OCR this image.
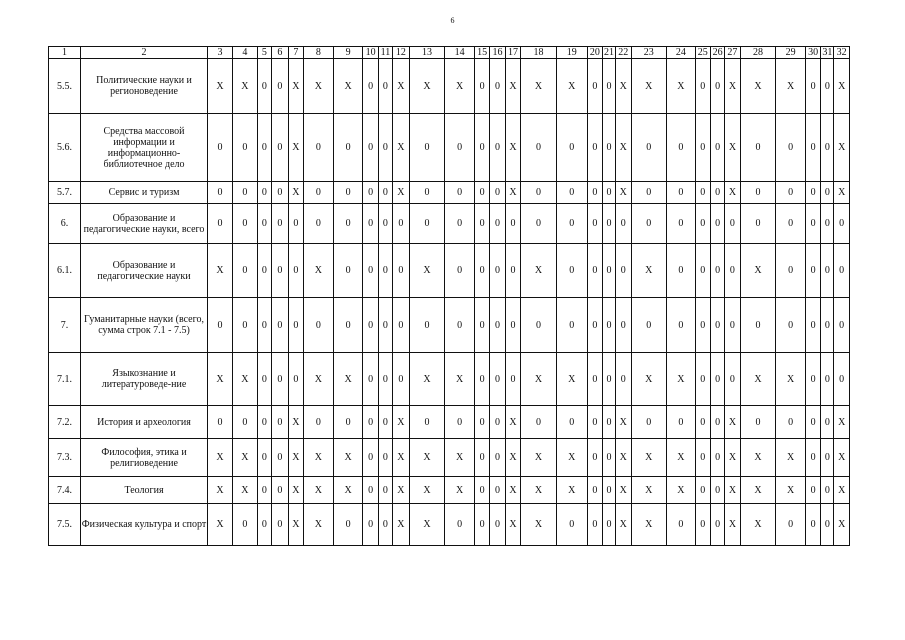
6
1	2	3	4	5	6	7	8	9	10	11	12	13	14	15	16	17	18	19	20	21	22	23	24	25	26	27	28	29	30	31	32
5.5.	Политические науки и регионоведение	X	X	0	0	X	X	X	0	0	X	X	X	0	0	X	X	X	0	0	X	X	X	0	0	X	X	X	0	0	X
5.6.	Средства массовой информации и информационно-библиотечное дело	0	0	0	0	X	0	0	0	0	X	0	0	0	0	X	0	0	0	0	X	0	0	0	0	X	0	0	0	0	X
5.7.	Сервис и туризм	0	0	0	0	X	0	0	0	0	X	0	0	0	0	X	0	0	0	0	X	0	0	0	0	X	0	0	0	0	X
6.	Образование и педагогические науки, всего	0	0	0	0	0	0	0	0	0	0	0	0	0	0	0	0	0	0	0	0	0	0	0	0	0	0	0	0	0	0
6.1.	Образование и педагогические науки	X	0	0	0	0	X	0	0	0	0	X	0	0	0	0	X	0	0	0	0	X	0	0	0	0	X	0	0	0	0
7.	Гуманитарные науки (всего, сумма строк 7.1 - 7.5)	0	0	0	0	0	0	0	0	0	0	0	0	0	0	0	0	0	0	0	0	0	0	0	0	0	0	0	0	0	0
7.1.	Языкознание и литературоведе-ние	X	X	0	0	0	X	X	0	0	0	X	X	0	0	0	X	X	0	0	0	X	X	0	0	0	X	X	0	0	0
7.2.	История и археология	0	0	0	0	X	0	0	0	0	X	0	0	0	0	X	0	0	0	0	X	0	0	0	0	X	0	0	0	0	X
7.3.	Философия, этика и религиоведение	X	X	0	0	X	X	X	0	0	X	X	X	0	0	X	X	X	0	0	X	X	X	0	0	X	X	X	0	0	X
7.4.	Теология	X	X	0	0	X	X	X	0	0	X	X	X	0	0	X	X	X	0	0	X	X	X	0	0	X	X	X	0	0	X
7.5.	Физическая культура и спорт	X	0	0	0	X	X	0	0	0	X	X	0	0	0	X	X	0	0	0	X	X	0	0	0	X	X	0	0	0	X
